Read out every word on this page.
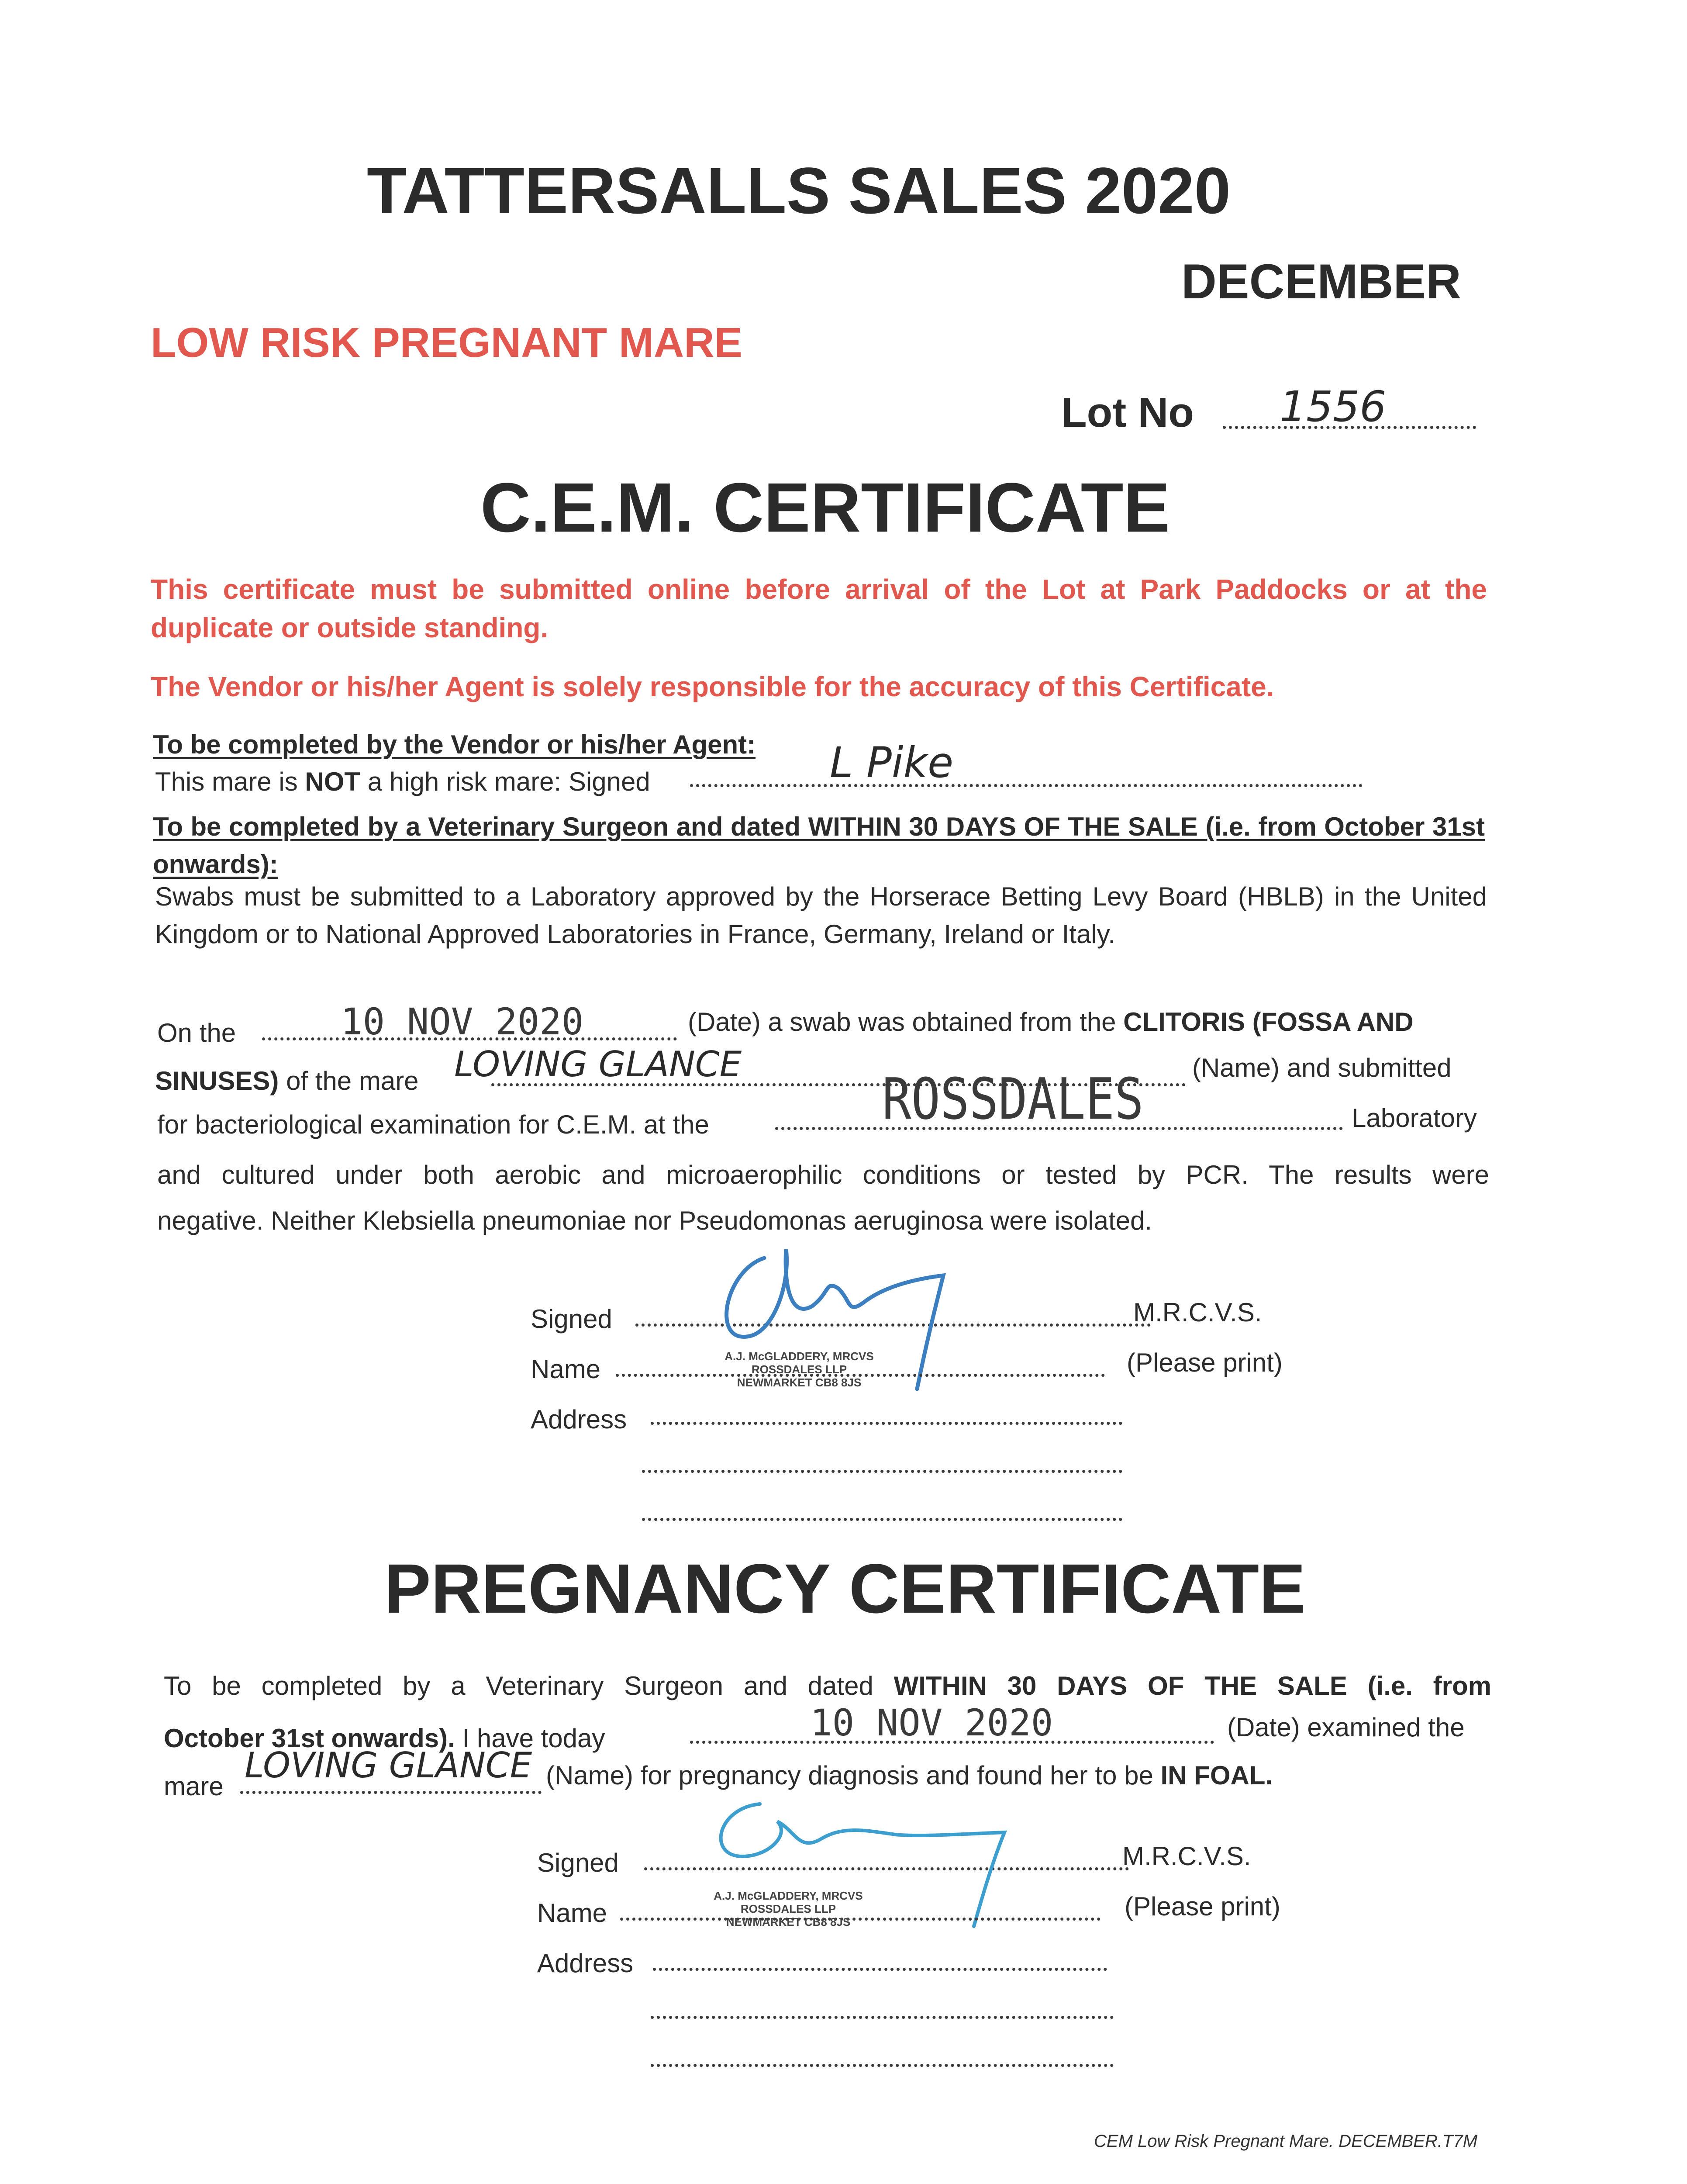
TATTERSALLS SALES 2020
DECEMBER
LOW RISK PREGNANT MARE
Lot No 1556
C.E.M. CERTIFICATE
This certificate must be submitted online before arrival of the Lot at Park Paddocks or at the duplicate or outside standing.
The Vendor or his/her Agent is solely responsible for the accuracy of this Certificate.
To be completed by the Vendor or his/her Agent:
This mare is NOT a high risk mare: Signed	L Pike
To be completed by a Veterinary Surgeon and dated WITHIN 30 DAYS OF THE SALE (i.e. from October 31st onwards):
Swabs must be submitted to a Laboratory approved by the Horserace Betting Levy Board (HBLB) in the United Kingdom or to National Approved Laboratories in France, Germany, Ireland or Italy.
On the	10 NOV 2020	(Date) a swab was obtained from the CLITORIS (FOSSA AND
SINUSES) of the mare LOVING GLANCE	(Name) and submitted
for bacteriological examination for C.E.M. at the	ROSSDALES	Laboratory
and cultured under both aerobic and microaerophilic conditions or tested by PCR. The results were
negative. Neither Klebsiella pneumoniae nor Pseudomonas aeruginosa were isolated.
Signed	M.R.C.V.S.
Name	A.J. McGLADDERY, MRCVS
ROSSDALES LLP
NEWMARKET CB8 8JS
(Please print)
Address
PREGNANCY CERTIFICATE
To be completed by a Veterinary Surgeon and dated WITHIN 30 DAYS OF THE SALE (i.e. from
October 31st onwards). I have today	10 NOV 2020	(Date) examined the
mare
LOVING GLANCE (Name) for pregnancy diagnosis and found her to be IN FOAL.
Signed	M.R.C.V.S.
Name
A.J. McGLADDERY, MRCVS
ROSSDALES LLP
NEWMARKET CB8 8JS
(Please print)
Address
CEM Low Risk Pregnant Mare. DECEMBER.T7M
